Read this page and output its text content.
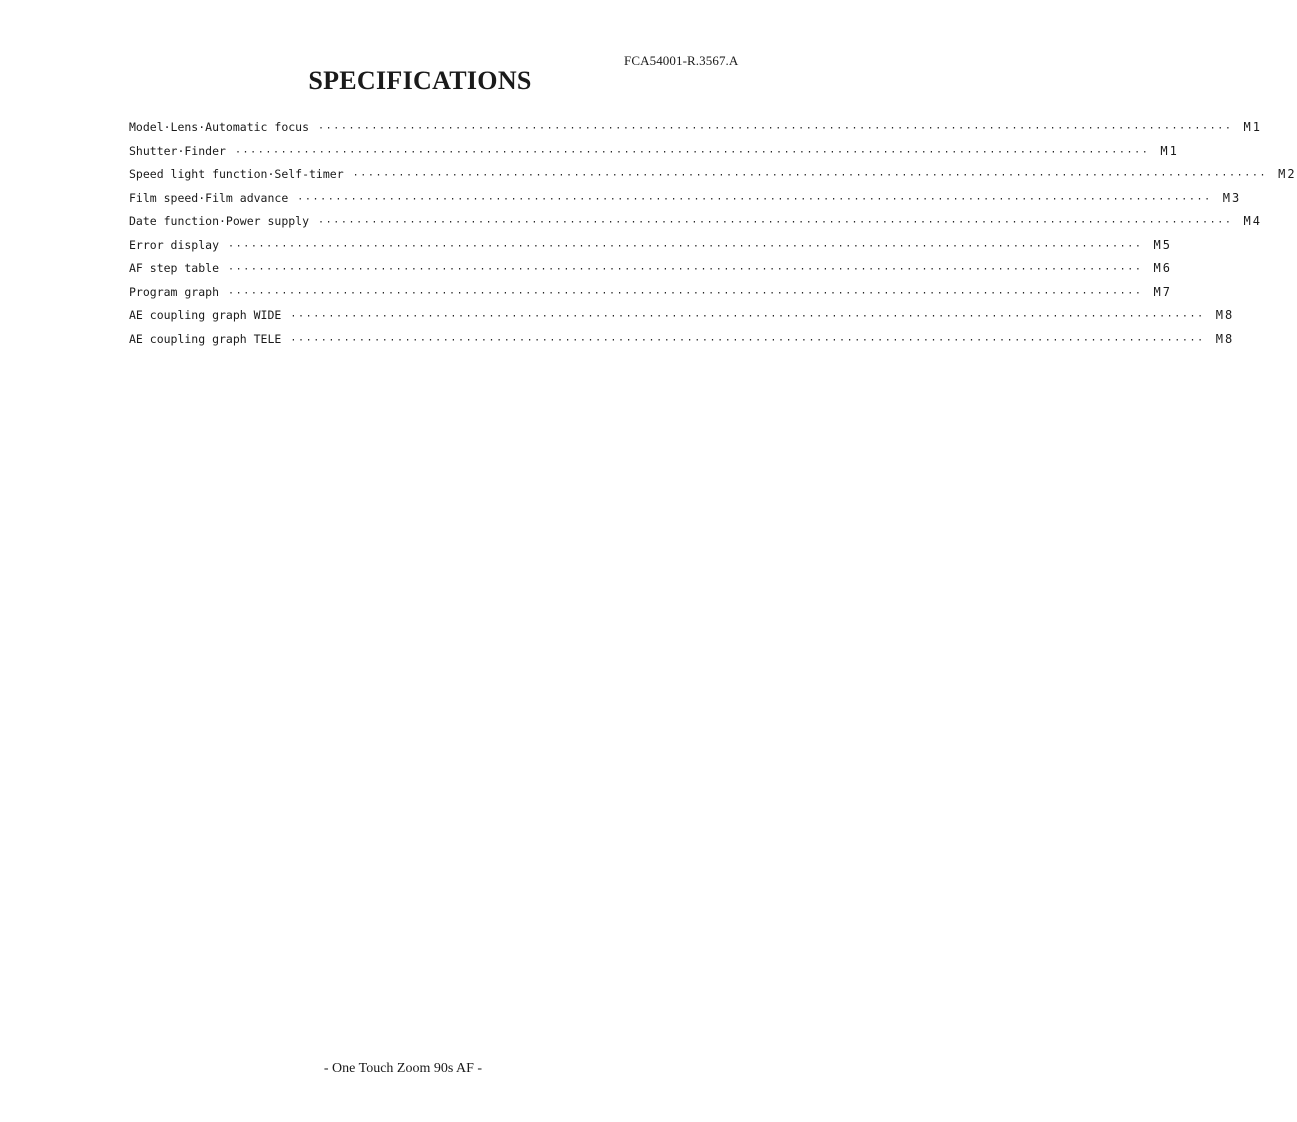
FCA54001-R.3567.A
SPECIFICATIONS
Model·Lens·Automatic focus ························································································································ M1
Shutter·Finder ························································································································ M1
Speed light function·Self-timer ························································································································ M2
Film speed·Film advance ························································································································ M3
Date function·Power supply ························································································································ M4
Error display ························································································································ M5
AF step table ························································································································ M6
Program graph ························································································································ M7
AE coupling graph WIDE ························································································································ M8
AE coupling graph TELE ························································································································ M8
- One Touch Zoom 90s AF -
